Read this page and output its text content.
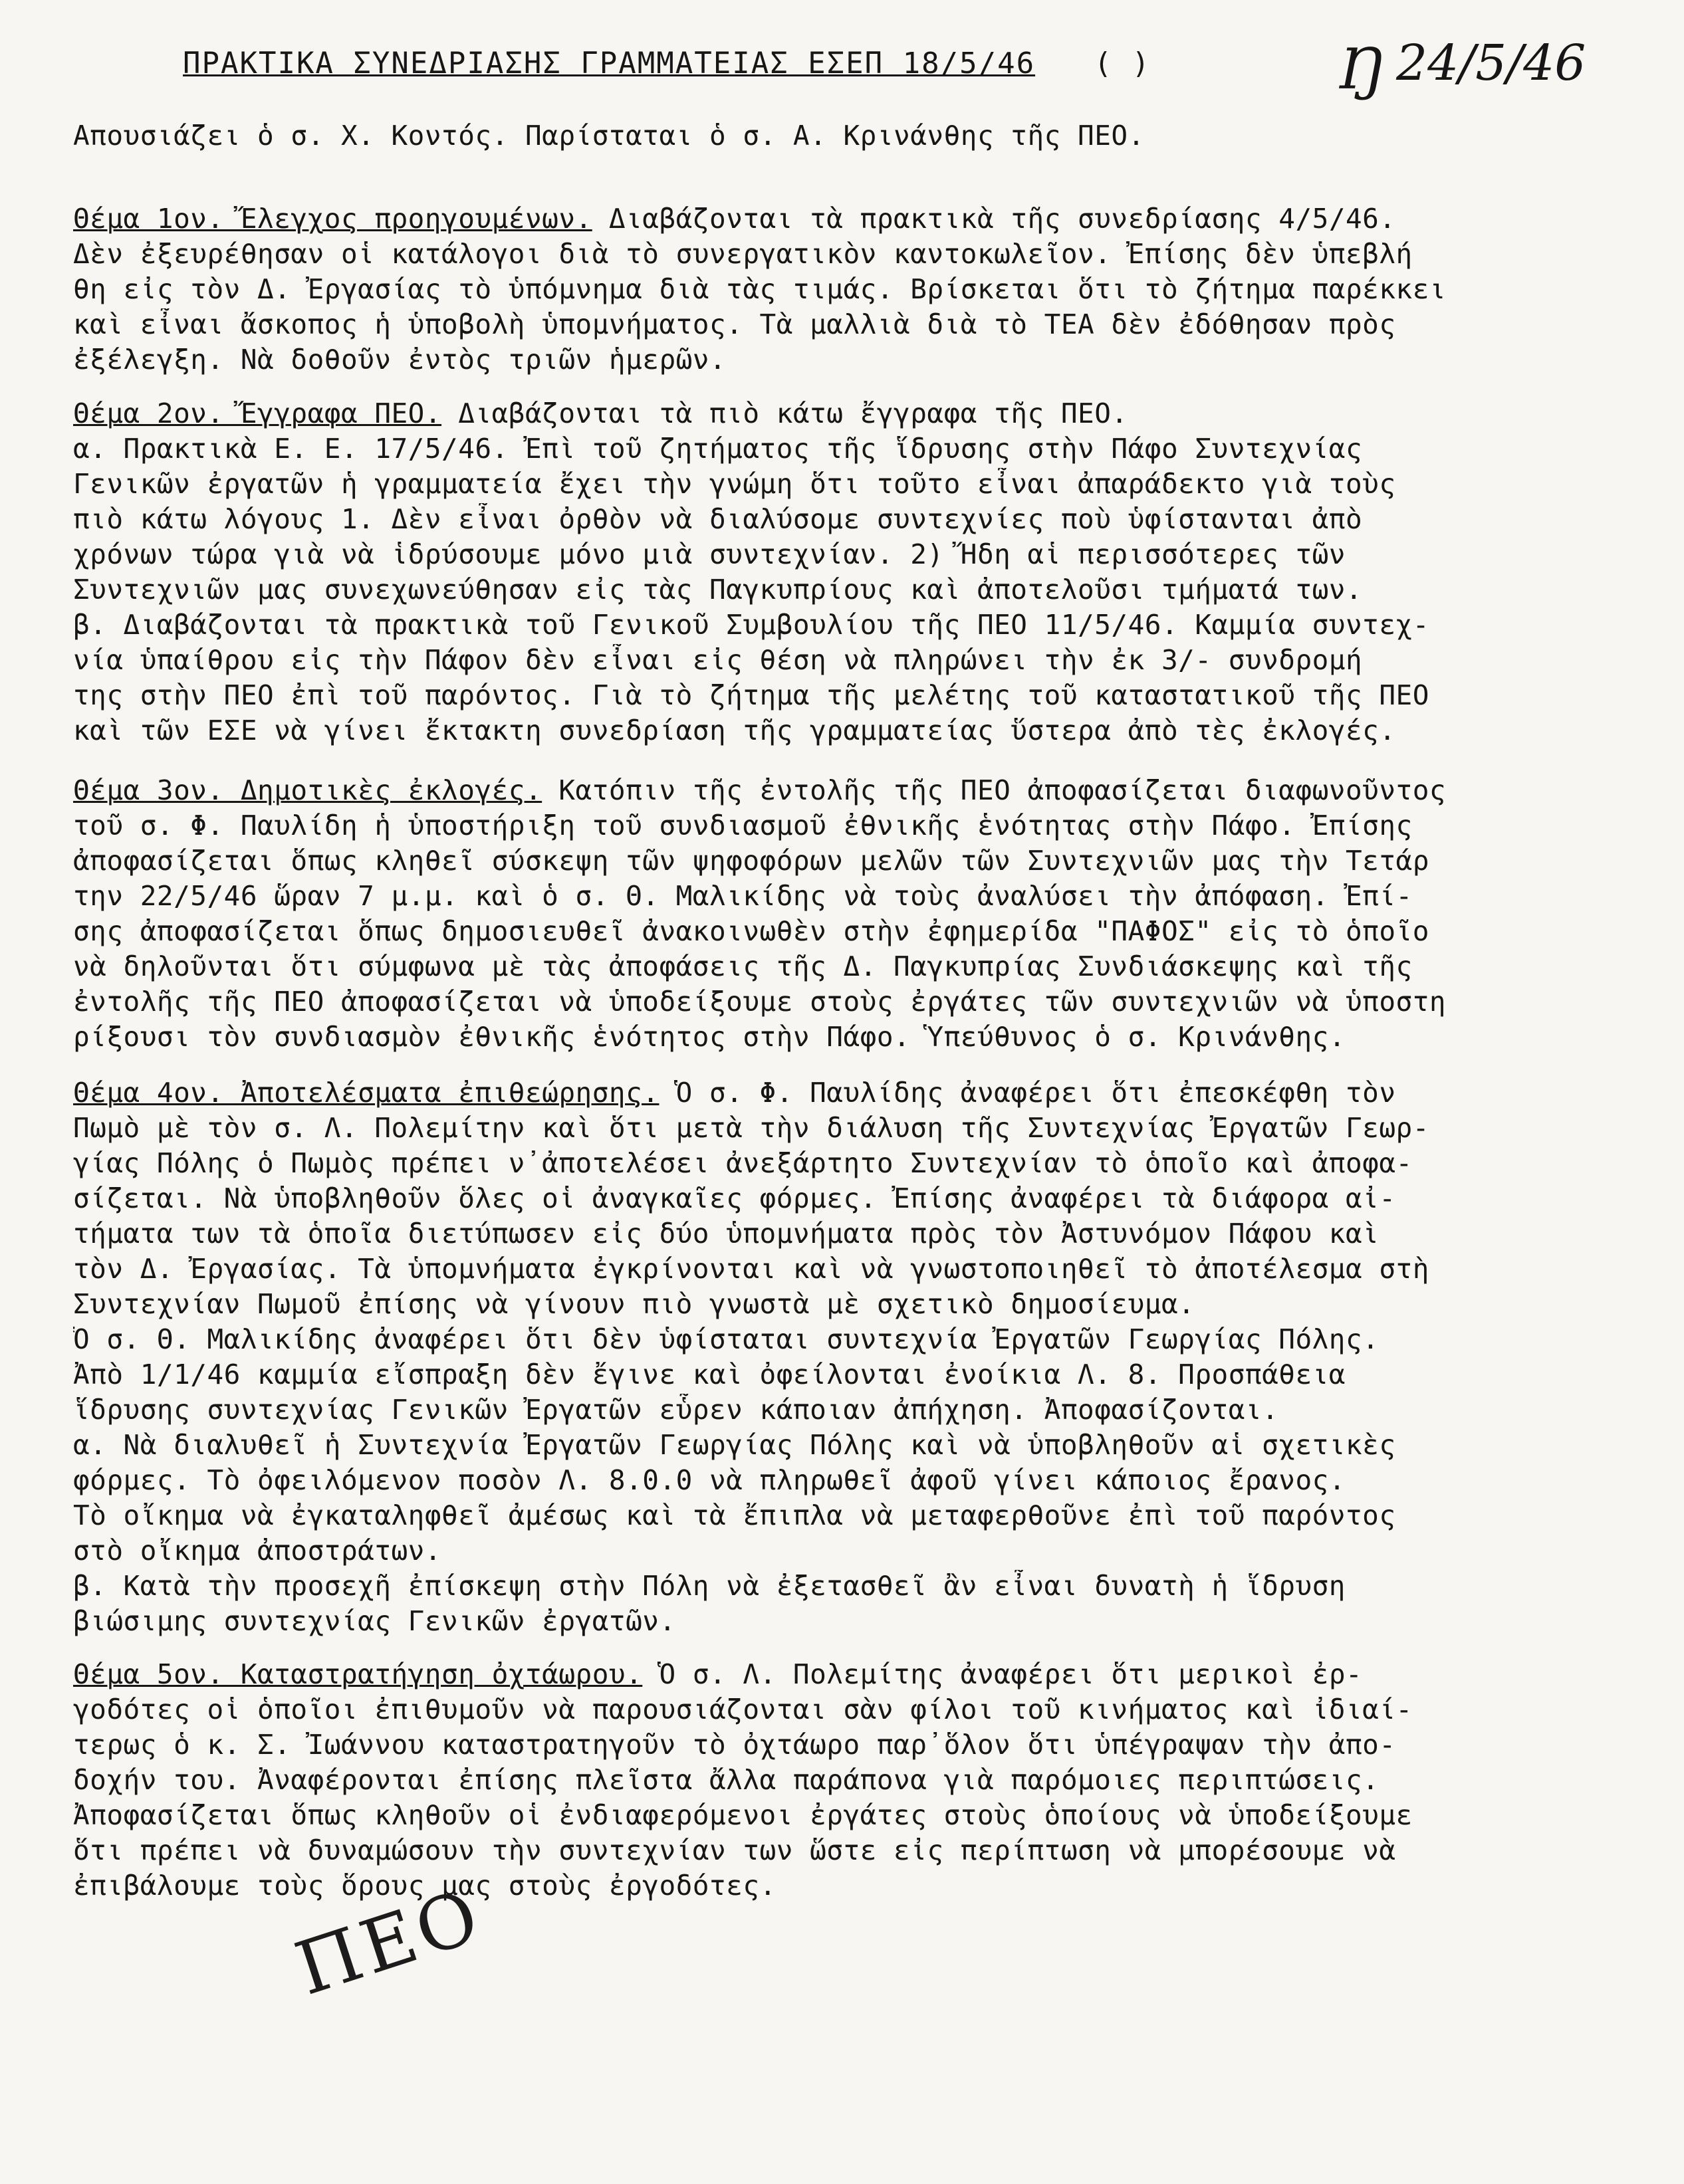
ΠΡΑΚΤΙΚΑ ΣΥΝΕΔΡΙΑΣΗΣ ΓΡΑΜΜΑΤΕΙΑΣ ΕΣΕΠ 18/5/46 ( )	Ŋ 24/5/46
Απουσιάζει ὁ σ. Χ. Κοντός. Παρίσταται ὁ σ. Α. Κρινάνθης τῆς ΠΕΟ.
Θέμα 1ον. Ἔλεγχος προηγουμένων. Διαβάζονται τὰ πρακτικὰ τῆς συνεδρίασης 4/5/46.
Δὲν ἐξευρέθησαν οἱ κατάλογοι διὰ τὸ συνεργατικὸν καντοκωλεῖον. Ἐπίσης δὲν ὑπεβλή
θη εἰς τὸν Δ. Ἐργασίας τὸ ὑπόμνημα διὰ τὰς τιμάς. Βρίσκεται ὅτι τὸ ζήτημα παρέκκει
καὶ εἶναι ἄσκοπος ἡ ὑποβολὴ ὑπομνήματος. Τὰ μαλλιὰ διὰ τὸ ΤΕΑ δὲν ἐδόθησαν πρὸς
ἐξέλεγξη. Νὰ δοθοῦν ἐντὸς τριῶν ἡμερῶν.
Θέμα 2ον. Ἔγγραφα ΠΕΟ. Διαβάζονται τὰ πιὸ κάτω ἔγγραφα τῆς ΠΕΟ.
α. Πρακτικὰ Ε. Ε. 17/5/46. Ἐπὶ τοῦ ζητήματος τῆς ἵδρυσης στὴν Πάφο Συντεχνίας
Γενικῶν ἐργατῶν ἡ γραμματεία ἔχει τὴν γνώμη ὅτι τοῦτο εἶναι ἀπαράδεκτο γιὰ τοὺς
πιὸ κάτω λόγους 1. Δὲν εἶναι ὀρθὸν νὰ διαλύσομε συντεχνίες ποὺ ὑφίστανται ἀπὸ
χρόνων τώρα γιὰ νὰ ἱδρύσουμε μόνο μιὰ συντεχνίαν. 2) Ἤδη αἱ περισσότερες τῶν
Συντεχνιῶν μας συνεχωνεύθησαν εἰς τὰς Παγκυπρίους καὶ ἀποτελοῦσι τμήματά των.
β. Διαβάζονται τὰ πρακτικὰ τοῦ Γενικοῦ Συμβουλίου τῆς ΠΕΟ 11/5/46. Καμμία συντεχ-
νία ὑπαίθρου εἰς τὴν Πάφον δὲν εἶναι εἰς θέση νὰ πληρώνει τὴν ἐκ 3/- συνδρομή
της στὴν ΠΕΟ ἐπὶ τοῦ παρόντος. Γιὰ τὸ ζήτημα τῆς μελέτης τοῦ καταστατικοῦ τῆς ΠΕΟ
καὶ τῶν ΕΣΕ νὰ γίνει ἔκτακτη συνεδρίαση τῆς γραμματείας ὕστερα ἀπὸ τὲς ἐκλογές.
Θέμα 3ον. Δημοτικὲς ἐκλογές. Κατόπιν τῆς ἐντολῆς τῆς ΠΕΟ ἀποφασίζεται διαφωνοῦντος
τοῦ σ. Φ. Παυλίδη ἡ ὑποστήριξη τοῦ συνδιασμοῦ ἐθνικῆς ἑνότητας στὴν Πάφο. Ἐπίσης
ἀποφασίζεται ὅπως κληθεῖ σύσκεψη τῶν ψηφοφόρων μελῶν τῶν Συντεχνιῶν μας τὴν Τετάρ
την 22/5/46 ὥραν 7 μ.μ. καὶ ὁ σ. Θ. Μαλικίδης νὰ τοὺς ἀναλύσει τὴν ἀπόφαση. Ἐπί-
σης ἀποφασίζεται ὅπως δημοσιευθεῖ ἀνακοινωθὲν στὴν ἐφημερίδα "ΠΑΦΟΣ" εἰς τὸ ὁποῖο
νὰ δηλοῦνται ὅτι σύμφωνα μὲ τὰς ἀποφάσεις τῆς Δ. Παγκυπρίας Συνδιάσκεψης καὶ τῆς
ἐντολῆς τῆς ΠΕΟ ἀποφασίζεται νὰ ὑποδείξουμε στοὺς ἐργάτες τῶν συντεχνιῶν νὰ ὑποστη
ρίξουσι τὸν συνδιασμὸν ἐθνικῆς ἑνότητος στὴν Πάφο. Ὑπεύθυνος ὁ σ. Κρινάνθης.
Θέμα 4ον. Ἀποτελέσματα ἐπιθεώρησης. Ὁ σ. Φ. Παυλίδης ἀναφέρει ὅτι ἐπεσκέφθη τὸν
Πωμὸ μὲ τὸν σ. Λ. Πολεμίτην καὶ ὅτι μετὰ τὴν διάλυση τῆς Συντεχνίας Ἐργατῶν Γεωρ-
γίας Πόλης ὁ Πωμὸς πρέπει ν᾽ἀποτελέσει ἀνεξάρτητο Συντεχνίαν τὸ ὁποῖο καὶ ἀποφα-
σίζεται. Νὰ ὑποβληθοῦν ὅλες οἱ ἀναγκαῖες φόρμες. Ἐπίσης ἀναφέρει τὰ διάφορα αἰ-
τήματα των τὰ ὁποῖα διετύπωσεν εἰς δύο ὑπομνήματα πρὸς τὸν Ἀστυνόμον Πάφου καὶ
τὸν Δ. Ἐργασίας. Τὰ ὑπομνήματα ἐγκρίνονται καὶ νὰ γνωστοποιηθεῖ τὸ ἀποτέλεσμα στὴ
Συντεχνίαν Πωμοῦ ἐπίσης νὰ γίνουν πιὸ γνωστὰ μὲ σχετικὸ δημοσίευμα.
Ὁ σ. Θ. Μαλικίδης ἀναφέρει ὅτι δὲν ὑφίσταται συντεχνία Ἐργατῶν Γεωργίας Πόλης.
Ἀπὸ 1/1/46 καμμία εἴσπραξη δὲν ἔγινε καὶ ὀφείλονται ἐνοίκια Λ. 8. Προσπάθεια
ἵδρυσης συντεχνίας Γενικῶν Ἐργατῶν εὗρεν κάποιαν ἀπήχηση. Ἀποφασίζονται.
α. Νὰ διαλυθεῖ ἡ Συντεχνία Ἐργατῶν Γεωργίας Πόλης καὶ νὰ ὑποβληθοῦν αἱ σχετικὲς
φόρμες. Τὸ ὀφειλόμενον ποσὸν Λ. 8.0.0 νὰ πληρωθεῖ ἀφοῦ γίνει κάποιος ἔρανος.
Τὸ οἴκημα νὰ ἐγκαταληφθεῖ ἀμέσως καὶ τὰ ἔπιπλα νὰ μεταφερθοῦνε ἐπὶ τοῦ παρόντος
στὸ οἴκημα ἀποστράτων.
β. Κατὰ τὴν προσεχῆ ἐπίσκεψη στὴν Πόλη νὰ ἐξετασθεῖ ἂν εἶναι δυνατὴ ἡ ἵδρυση
βιώσιμης συντεχνίας Γενικῶν ἐργατῶν.
Θέμα 5ον. Καταστρατήγηση ὀχτάωρου. Ὁ σ. Λ. Πολεμίτης ἀναφέρει ὅτι μερικοὶ ἐρ-
γοδότες οἱ ὁποῖοι ἐπιθυμοῦν νὰ παρουσιάζονται σὰν φίλοι τοῦ κινήματος καὶ ἰδιαί-
τερως ὁ κ. Σ. Ἰωάννου καταστρατηγοῦν τὸ ὀχτάωρο παρ᾽ὅλον ὅτι ὑπέγραψαν τὴν ἀπο-
δοχήν του. Ἀναφέρονται ἐπίσης πλεῖστα ἄλλα παράπονα γιὰ παρόμοιες περιπτώσεις.
Ἀποφασίζεται ὅπως κληθοῦν οἱ ἐνδιαφερόμενοι ἐργάτες στοὺς ὁποίους νὰ ὑποδείξουμε
ὅτι πρέπει νὰ δυναμώσουν τὴν συντεχνίαν των ὥστε εἰς περίπτωση νὰ μπορέσουμε νὰ
ἐπιβάλουμε τοὺς ὅρους μας στοὺς ἐργοδότες.
ΠΕΟ
